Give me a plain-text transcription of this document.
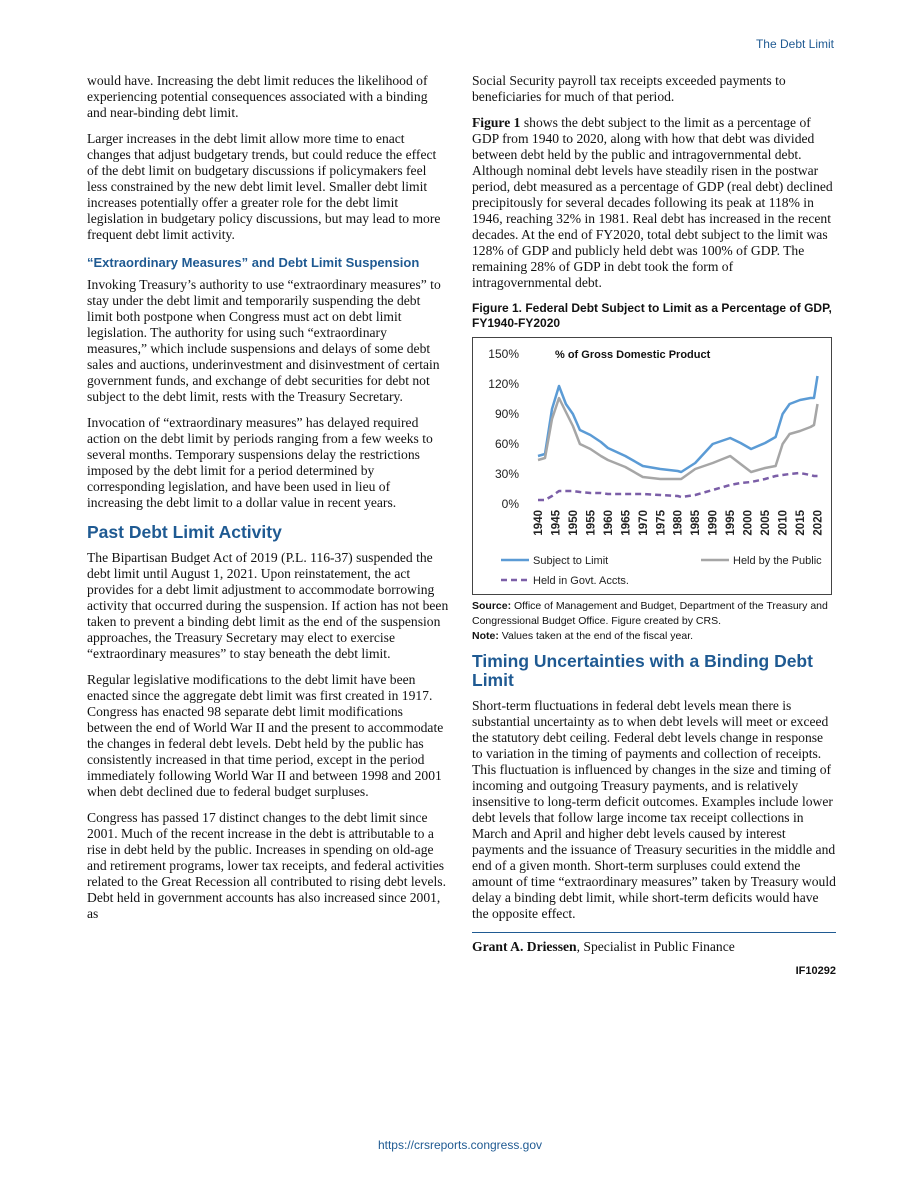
The Debt Limit

would have. Increasing the debt limit reduces the likelihood of experiencing potential consequences associated with a binding and near-binding debt limit.

Larger increases in the debt limit allow more time to enact changes that adjust budgetary trends, but could reduce the effect of the debt limit on budgetary discussions if policymakers feel less constrained by the new debt limit level. Smaller debt limit increases potentially offer a greater role for the debt limit legislation in budgetary policy discussions, but may lead to more frequent debt limit activity.

“Extraordinary Measures” and Debt Limit Suspension

Invoking Treasury’s authority to use “extraordinary measures” to stay under the debt limit and temporarily suspending the debt limit both postpone when Congress must act on debt limit legislation. The authority for using such “extraordinary measures,” which include suspensions and delays of some debt sales and auctions, underinvestment and disinvestment of certain government funds, and exchange of debt securities for debt not subject to the debt limit, rests with the Treasury Secretary.

Invocation of “extraordinary measures” has delayed required action on the debt limit by periods ranging from a few weeks to several months. Temporary suspensions delay the restrictions imposed by the debt limit for a period determined by corresponding legislation, and have been used in lieu of increasing the debt limit to a dollar value in recent years.

Past Debt Limit Activity

The Bipartisan Budget Act of 2019 (P.L. 116-37) suspended the debt limit until August 1, 2021. Upon reinstatement, the act provides for a debt limit adjustment to accommodate borrowing activity that occurred during the suspension. If action has not been taken to prevent a binding debt limit as the end of the suspension approaches, the Treasury Secretary may elect to exercise “extraordinary measures” to stay beneath the debt limit.

Regular legislative modifications to the debt limit have been enacted since the aggregate debt limit was first created in 1917. Congress has enacted 98 separate debt limit modifications between the end of World War II and the present to accommodate the changes in federal debt levels. Debt held by the public has consistently increased in that time period, except in the period immediately following World War II and between 1998 and 2001 when debt declined due to federal budget surpluses.

Congress has passed 17 distinct changes to the debt limit since 2001. Much of the recent increase in the debt is attributable to a rise in debt held by the public. Increases in spending on old-age and retirement programs, lower tax receipts, and federal activities related to the Great Recession all contributed to rising debt levels. Debt held in government accounts has also increased since 2001, as

Social Security payroll tax receipts exceeded payments to beneficiaries for much of that period.

Figure 1 shows the debt subject to the limit as a percentage of GDP from 1940 to 2020, along with how that debt was divided between debt held by the public and intragovernmental debt. Although nominal debt levels have steadily risen in the postwar period, debt measured as a percentage of GDP (real debt) declined precipitously for several decades following its peak at 118% in 1946, reaching 32% in 1981. Real debt has increased in the recent decades. At the end of FY2020, total debt subject to the limit was 128% of GDP and publicly held debt was 100% of GDP. The remaining 28% of GDP in debt took the form of intragovernmental debt.

Figure 1. Federal Debt Subject to Limit as a Percentage of GDP, FY1940-FY2020
0%
30%
60%
90%
120%
150%	% of Gross Domestic Product
1940 1945 1950 1955 1960 1965 1970 1975 1980 1985 1990 1995 2000 2005 2010 2015 2020
Subject to Limit	Held by the Public
Held in Govt. Accts.
Source: Office of Management and Budget, Department of the Treasury and Congressional Budget Office. Figure created by CRS.
Note: Values taken at the end of the fiscal year.
Timing Uncertainties with a Binding Debt Limit

Short-term fluctuations in federal debt levels mean there is substantial uncertainty as to when debt levels will meet or exceed the statutory debt ceiling. Federal debt levels change in response to variation in the timing of payments and collection of receipts. This fluctuation is influenced by changes in the size and timing of incoming and outgoing Treasury payments, and is relatively insensitive to long-term deficit outcomes. Examples include lower debt levels that follow large income tax receipt collections in March and April and higher debt levels caused by interest payments and the issuance of Treasury securities in the middle and end of a given month. Short-term surpluses could extend the amount of time “extraordinary measures” taken by Treasury would delay a binding debt limit, while short-term deficits would have the opposite effect.

Grant A. Driessen, Specialist in Public Finance
IF10292
https://crsreports.congress.gov
